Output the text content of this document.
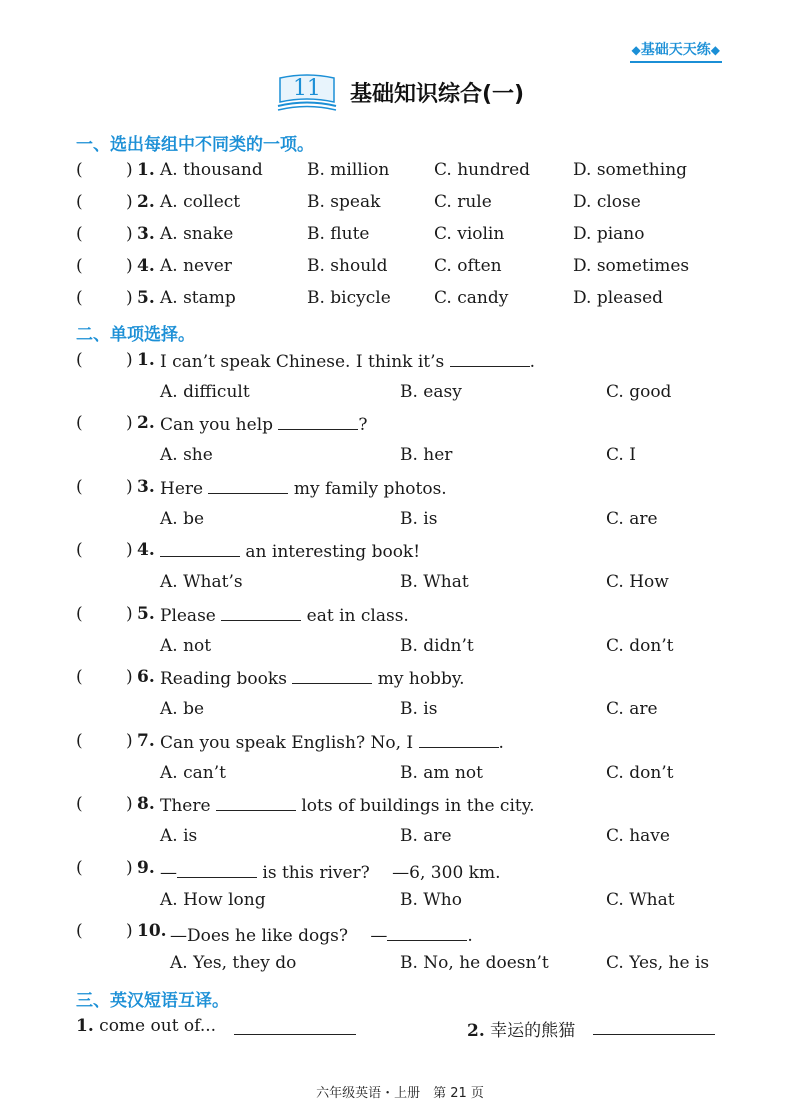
◆基础天天练◆
11	基础知识综合(一)
一、选出每组中不同类的一项。
(	) 1. A. thousand	B. million	C. hundred	D. something
(	) 2. A. collect	B. speak	C. rule	D. close
(	) 3. A. snake	B. flute	C. violin	D. piano
(	) 4. A. never	B. should	C. often	D. sometimes
(	) 5. A. stamp	B. bicycle	C. candy	D. pleased
二、单项选择。
(	) 1. I can’t speak Chinese. I think it’s	.
A. difficult	B. easy	C. good
(	) 2. Can you help	?
A. she	B. her	C. I
(	) 3. Here	my family photos.
A. be	B. is	C. are
(	) 4.	an interesting book!
A. What’s	B. What	C. How
(	) 5. Please	eat in class.
A. not	B. didn’t	C. don’t
(	) 6. Reading books	my hobby.
A. be	B. is	C. are
(	) 7. Can you speak English? No, I	.
A. can’t	B. am not	C. don’t
(	) 8. There	lots of buildings in the city.
A. is	B. are	C. have
(	) 9. —	is this river?　 —6, 300 km.
A. How long	B. Who	C. What
(	) 10. —Does he like dogs?　 —	.
A. Yes, they do	B. No, he doesn’t	C. Yes, he is
三、英汉短语互译。
1. come out of...	2. 幸运的熊猫
六年级英语・上册　第 21 页
